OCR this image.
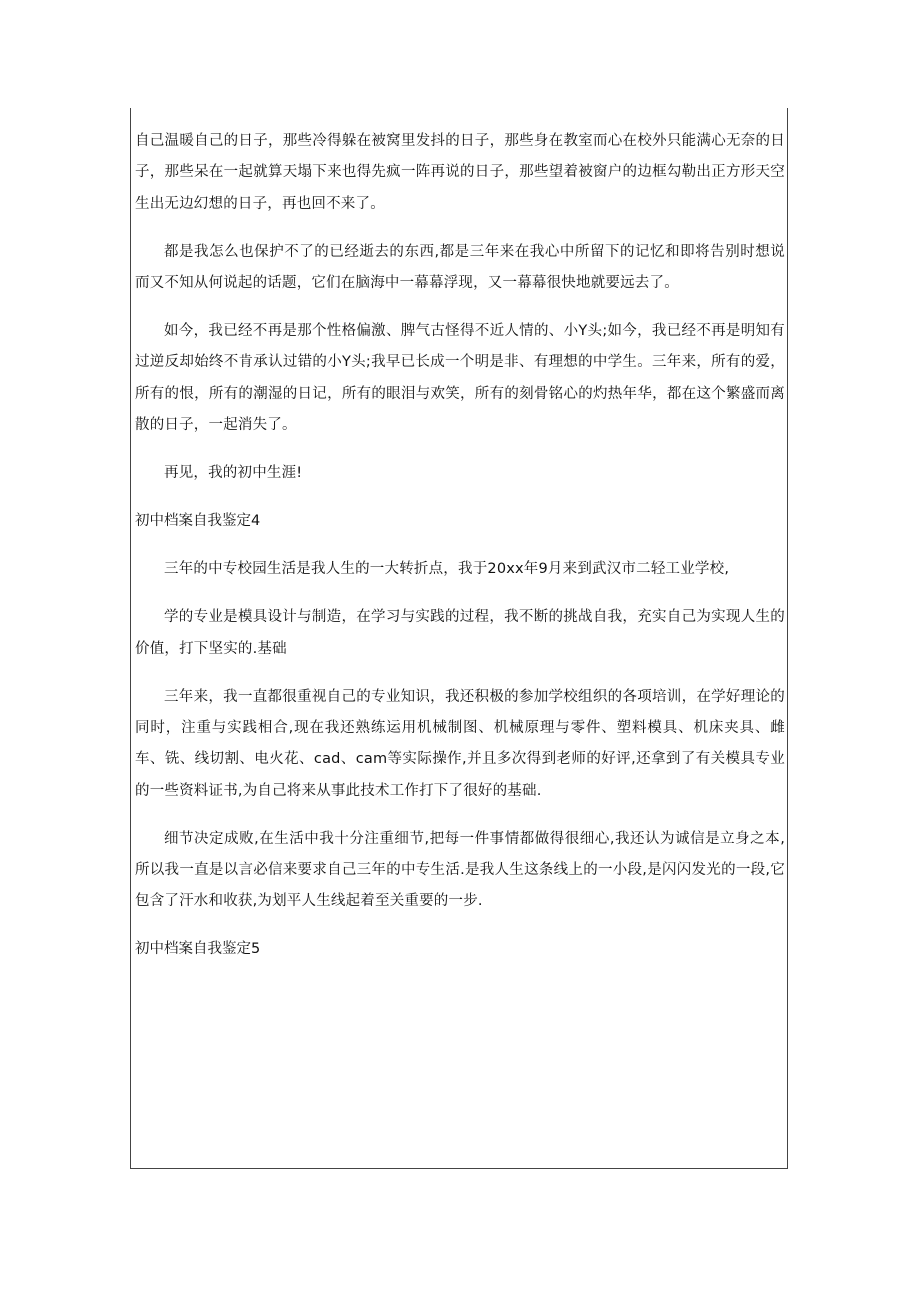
自己温暖自己的日子，那些冷得躲在被窝里发抖的日子，那些身在教室而心在校外只能满心无奈的日子，那些呆在一起就算天塌下来也得先疯一阵再说的日子，那些望着被窗户的边框勾勒出正方形天空生出无边幻想的日子，再也回不来了。

都是我怎么也保护不了的已经逝去的东西,都是三年来在我心中所留下的记忆和即将告别时想说而又不知从何说起的话题，它们在脑海中一幕幕浮现，又一幕幕很快地就要远去了。

如今，我已经不再是那个性格偏激、脾气古怪得不近人情的、小Y头;如今，我已经不再是明知有过逆反却始终不肯承认过错的小Y头;我早已长成一个明是非、有理想的中学生。三年来，所有的爱，所有的恨，所有的潮湿的日记，所有的眼泪与欢笑，所有的刻骨铭心的灼热年华，都在这个繁盛而离散的日子，一起消失了。

再见，我的初中生涯!

初中档案自我鉴定4

三年的中专校园生活是我人生的一大转折点，我于20xx年9月来到武汉市二轻工业学校,

学的专业是模具设计与制造，在学习与实践的过程，我不断的挑战自我，充实自己为实现人生的价值，打下坚实的.基础

三年来，我一直都很重视自己的专业知识，我还积极的参加学校组织的各项培训，在学好理论的同时，注重与实践相合,现在我还熟练运用机械制图、机械原理与零件、塑料模具、机床夹具、雌车、铣、线切割、电火花、cad、cam等实际操作,并且多次得到老师的好评,还拿到了有关模具专业的一些资料证书,为自己将来从事此技术工作打下了很好的基础.

细节决定成败,在生活中我十分注重细节,把每一件事情都做得很细心,我还认为诚信是立身之本,所以我一直是以言必信来要求自己三年的中专生活.是我人生这条线上的一小段,是闪闪发光的一段,它包含了汗水和收获,为划平人生线起着至关重要的一步.

初中档案自我鉴定5
